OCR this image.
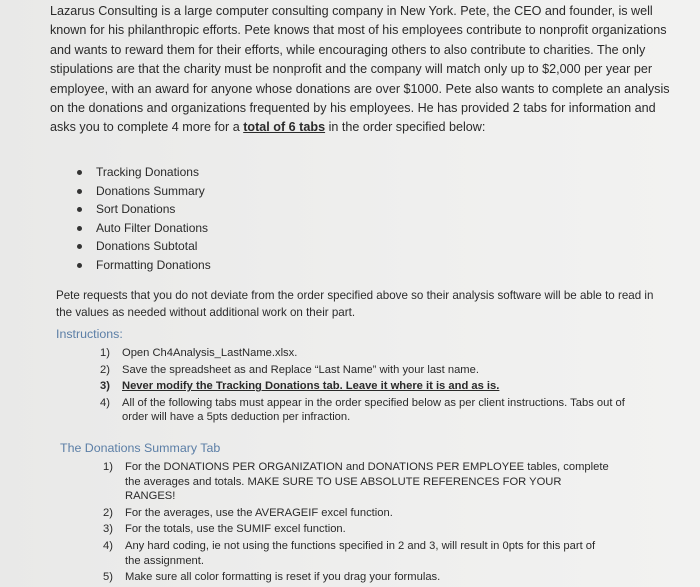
Lazarus Consulting is a large computer consulting company in New York. Pete, the CEO and founder, is well known for his philanthropic efforts. Pete knows that most of his employees contribute to nonprofit organizations and wants to reward them for their efforts, while encouraging others to also contribute to charities. The only stipulations are that the charity must be nonprofit and the company will match only up to $2,000 per year per employee, with an award for anyone whose donations are over $1000. Pete also wants to complete an analysis on the donations and organizations frequented by his employees. He has provided 2 tabs for information and asks you to complete 4 more for a total of 6 tabs in the order specified below:
Tracking Donations
Donations Summary
Sort Donations
Auto Filter Donations
Donations Subtotal
Formatting Donations
Pete requests that you do not deviate from the order specified above so their analysis software will be able to read in the values as needed without additional work on their part.
Instructions:
1) Open Ch4Analysis_LastName.xlsx.
2) Save the spreadsheet as and Replace “Last Name” with your last name.
3) Never modify the Tracking Donations tab. Leave it where it is and as is.
4) All of the following tabs must appear in the order specified below as per client instructions. Tabs out of order will have a 5pts deduction per infraction.
The Donations Summary Tab
1) For the DONATIONS PER ORGANIZATION and DONATIONS PER EMPLOYEE tables, complete the averages and totals. MAKE SURE TO USE ABSOLUTE REFERENCES FOR YOUR RANGES!
2) For the averages, use the AVERAGEIF excel function.
3) For the totals, use the SUMIF excel function.
4) Any hard coding, ie not using the functions specified in 2 and 3, will result in 0pts for this part of the assignment.
5) Make sure all color formatting is reset if you drag your formulas.
